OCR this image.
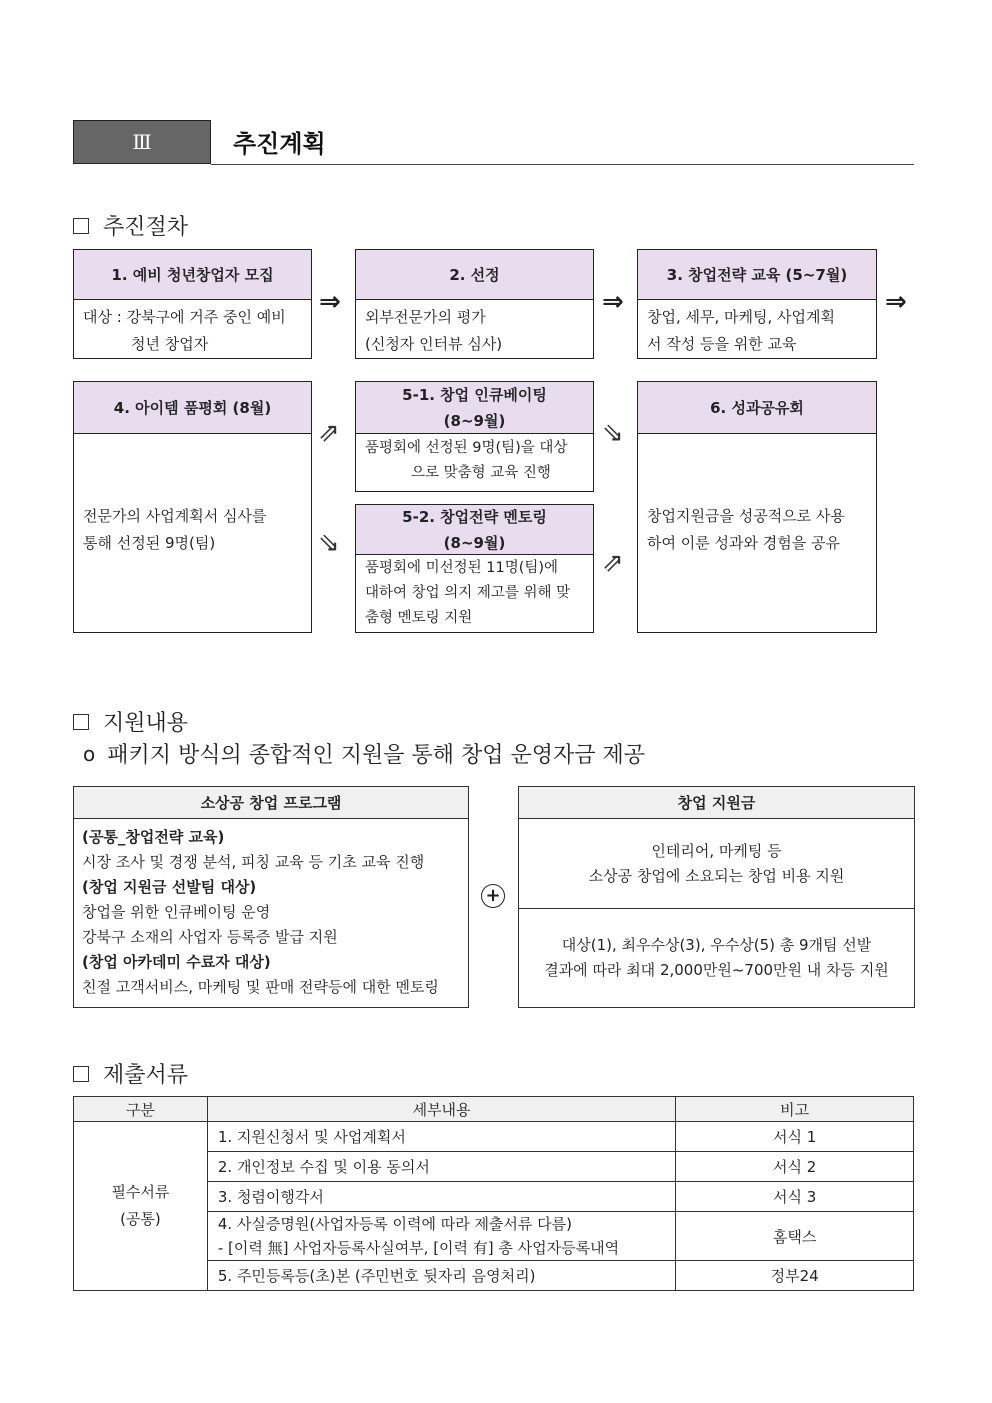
Ⅲ	추진계획
추진절차
1. 예비 청년창업자 모집
대상 : 강북구에 거주 중인 예비
청년 창업자
⇒
2. 선정
외부전문가의 평가
(신청자 인터뷰 심사)
⇒
3. 창업전략 교육 (5~7월)
창업, 세무, 마케팅, 사업계획
서 작성 등을 위한 교육
⇒
4. 아이템 품평회 (8월)
전문가의 사업계획서 심사를
통해 선정된 9명(팀)
⇗
⇘
5-1. 창업 인큐베이팅
(8~9월)
품평회에 선정된 9명(팀)을 대상
으로 맞춤형 교육 진행
5-2. 창업전략 멘토링
(8~9월)
품평회에 미선정된 11명(팀)에
대하여 창업 의지 제고를 위해 맞
춤형 멘토링 지원
⇘
⇗
6. 성과공유회
창업지원금을 성공적으로 사용
하여 이룬 성과와 경험을 공유
지원내용
o 패키지 방식의 종합적인 지원을 통해 창업 운영자금 제공
소상공 창업 프로그램
(공통_창업전략 교육)
시장 조사 및 경쟁 분석, 피칭 교육 등 기초 교육 진행
(창업 지원금 선발팀 대상)
창업을 위한 인큐베이팅 운영
강북구 소재의 사업자 등록증 발급 지원
(창업 아카데미 수료자 대상)
친절 고객서비스, 마케팅 및 판매 전략등에 대한 멘토링
+
창업 지원금
인테리어, 마케팅 등
소상공 창업에 소요되는 창업 비용 지원
대상(1), 최우수상(3), 우수상(5) 총 9개팀 선발
결과에 따라 최대 2,000만원~700만원 내 차등 지원
제출서류
구분	세부내용	비고

필수서류
(공통)	1. 지원신청서 및 사업계획서	서식 1
	2. 개인정보 수집 및 이용 동의서	서식 2
	3. 청렴이행각서	서식 3

	4. 사실증명원(사업자등록 이력에 따라 제출서류 다름)
- [이력 無] 사업자등록사실여부, [이력 有] 총 사업자등록내역	홈택스
	5. 주민등록등(초)본 (주민번호 뒷자리 음영처리)	정부24
